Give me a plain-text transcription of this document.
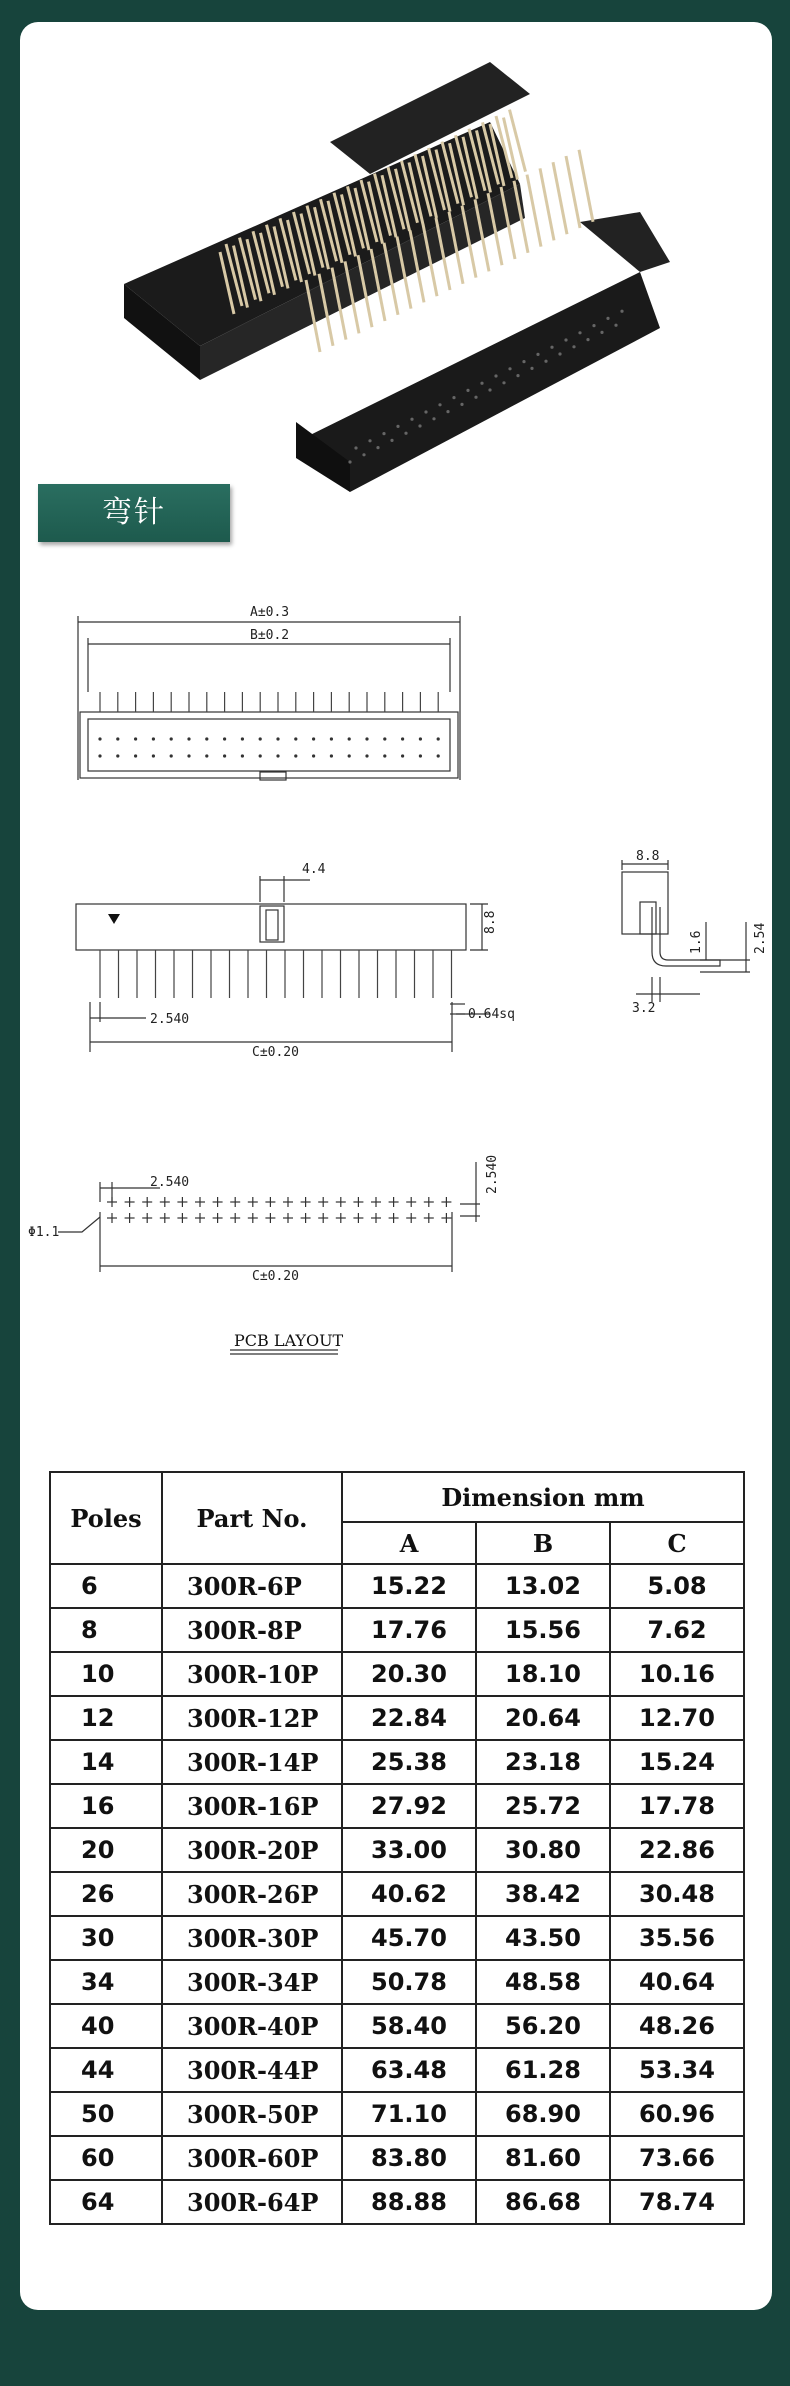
弯针
A±0.3
B±0.2
4.4
8.8
2.540	0.64sq
C±0.20
8.8
1.6	2.54
3.2
2.540	2.540
Φ1.1
C±0.20
PCB LAYOUT
Poles	Part No.	Dimension mm		
		A	B	C
6	300R-6P	15.22	13.02	5.08
8	300R-8P	17.76	15.56	7.62
10	300R-10P	20.30	18.10	10.16
12	300R-12P	22.84	20.64	12.70
14	300R-14P	25.38	23.18	15.24
16	300R-16P	27.92	25.72	17.78
20	300R-20P	33.00	30.80	22.86
26	300R-26P	40.62	38.42	30.48
30	300R-30P	45.70	43.50	35.56
34	300R-34P	50.78	48.58	40.64
40	300R-40P	58.40	56.20	48.26
44	300R-44P	63.48	61.28	53.34
50	300R-50P	71.10	68.90	60.96
60	300R-60P	83.80	81.60	73.66
64	300R-64P	88.88	86.68	78.74
